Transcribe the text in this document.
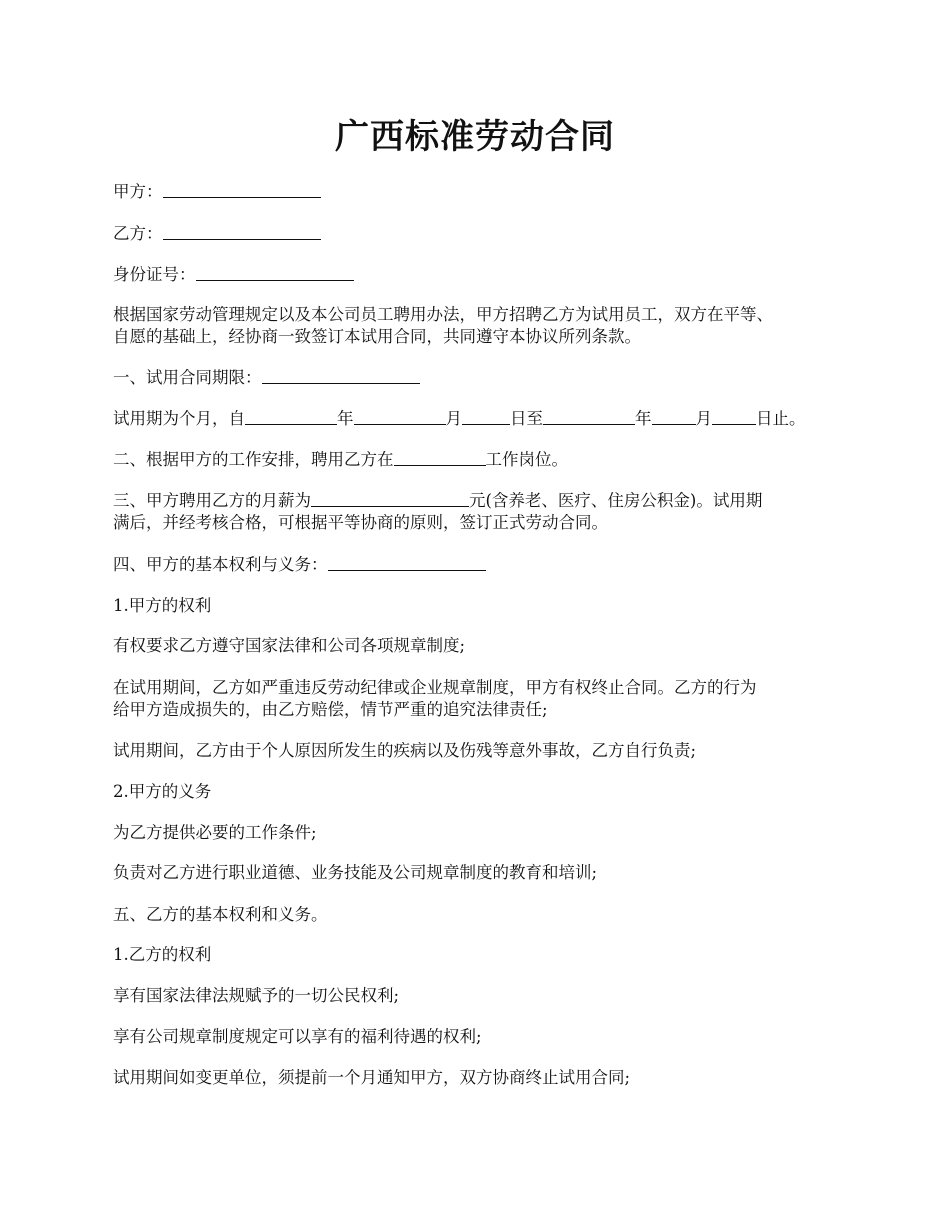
广西标准劳动合同

甲方：

乙方：

身份证号：

根据国家劳动管理规定以及本公司员工聘用办法，甲方招聘乙方为试用员工，双方在平等、
自愿的基础上，经协商一致签订本试用合同，共同遵守本协议所列条款。

一、试用合同期限：

试用期为个月，自	年	月	日至	年	月	日止。

二、根据甲方的工作安排，聘用乙方在	工作岗位。

三、甲方聘用乙方的月薪为	元(含养老、医疗、住房公积金)。试用期
满后，并经考核合格，可根据平等协商的原则，签订正式劳动合同。

四、甲方的基本权利与义务：

1.甲方的权利

有权要求乙方遵守国家法律和公司各项规章制度;

在试用期间，乙方如严重违反劳动纪律或企业规章制度，甲方有权终止合同。乙方的行为
给甲方造成损失的，由乙方赔偿，情节严重的追究法律责任;

试用期间，乙方由于个人原因所发生的疾病以及伤残等意外事故，乙方自行负责;

2.甲方的义务

为乙方提供必要的工作条件;

负责对乙方进行职业道德、业务技能及公司规章制度的教育和培训;

五、乙方的基本权利和义务。

1.乙方的权利

享有国家法律法规赋予的一切公民权利;

享有公司规章制度规定可以享有的福利待遇的权利;

试用期间如变更单位，须提前一个月通知甲方，双方协商终止试用合同;
